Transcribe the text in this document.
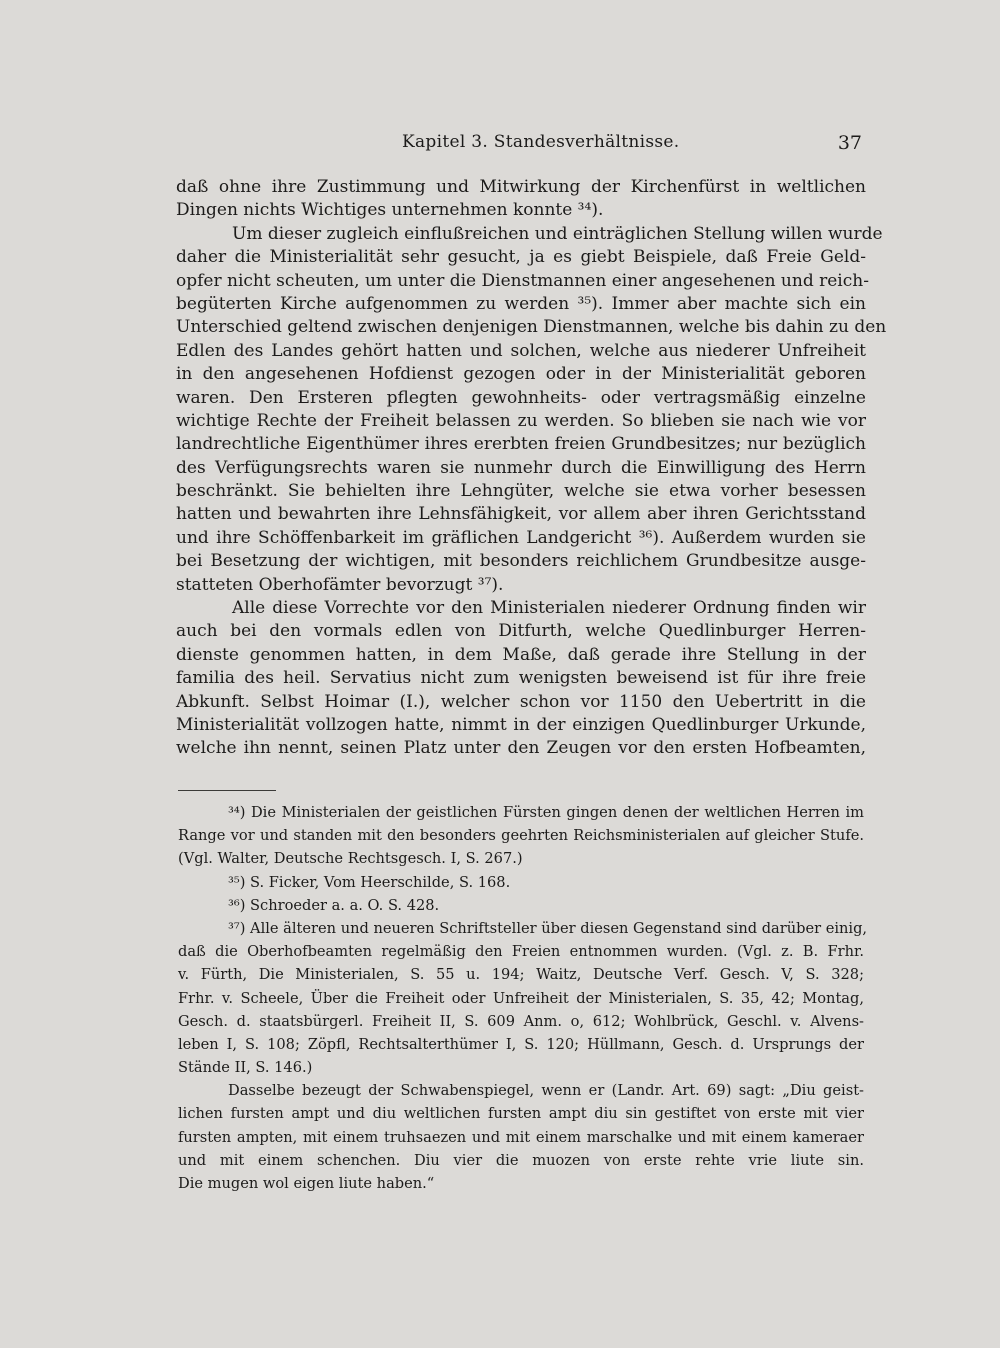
Kapitel 3. Standesverhältnisse.	37
daß ohne ihre Zustimmung und Mitwirkung der Kirchenfürst in weltlichen
Dingen nichts Wichtiges unternehmen konnte ³⁴).
Um dieser zugleich einflußreichen und einträglichen Stellung willen wurde
daher die Ministerialität sehr gesucht, ja es giebt Beispiele, daß Freie Geld-
opfer nicht scheuten, um unter die Dienstmannen einer angesehenen und reich-
begüterten Kirche aufgenommen zu werden ³⁵). Immer aber machte sich ein
Unterschied geltend zwischen denjenigen Dienstmannen, welche bis dahin zu den
Edlen des Landes gehört hatten und solchen, welche aus niederer Unfreiheit
in den angesehenen Hofdienst gezogen oder in der Ministerialität geboren
waren. Den Ersteren pflegten gewohnheits- oder vertragsmäßig einzelne
wichtige Rechte der Freiheit belassen zu werden. So blieben sie nach wie vor
landrechtliche Eigenthümer ihres ererbten freien Grundbesitzes; nur bezüglich
des Verfügungsrechts waren sie nunmehr durch die Einwilligung des Herrn
beschränkt. Sie behielten ihre Lehngüter, welche sie etwa vorher besessen
hatten und bewahrten ihre Lehnsfähigkeit, vor allem aber ihren Gerichtsstand
und ihre Schöffenbarkeit im gräflichen Landgericht ³⁶). Außerdem wurden sie
bei Besetzung der wichtigen, mit besonders reichlichem Grundbesitze ausge-
statteten Oberhofämter bevorzugt ³⁷).
Alle diese Vorrechte vor den Ministerialen niederer Ordnung finden wir
auch bei den vormals edlen von Ditfurth, welche Quedlinburger Herren-
dienste genommen hatten, in dem Maße, daß gerade ihre Stellung in der
familia des heil. Servatius nicht zum wenigsten beweisend ist für ihre freie
Abkunft. Selbst Hoimar (I.), welcher schon vor 1150 den Uebertritt in die
Ministerialität vollzogen hatte, nimmt in der einzigen Quedlinburger Urkunde,
welche ihn nennt, seinen Platz unter den Zeugen vor den ersten Hofbeamten,
³⁴) Die Ministerialen der geistlichen Fürsten gingen denen der weltlichen Herren im
Range vor und standen mit den besonders geehrten Reichsministerialen auf gleicher Stufe.
(Vgl. Walter, Deutsche Rechtsgesch. I, S. 267.)
³⁵) S. Ficker, Vom Heerschilde, S. 168.
³⁶) Schroeder a. a. O. S. 428.
³⁷) Alle älteren und neueren Schriftsteller über diesen Gegenstand sind darüber einig,
daß die Oberhofbeamten regelmäßig den Freien entnommen wurden. (Vgl. z. B. Frhr.
v. Fürth, Die Ministerialen, S. 55 u. 194; Waitz, Deutsche Verf. Gesch. V, S. 328;
Frhr. v. Scheele, Über die Freiheit oder Unfreiheit der Ministerialen, S. 35, 42; Montag,
Gesch. d. staatsbürgerl. Freiheit II, S. 609 Anm. o, 612; Wohlbrück, Geschl. v. Alvens-
leben I, S. 108; Zöpfl, Rechtsalterthümer I, S. 120; Hüllmann, Gesch. d. Ursprungs der
Stände II, S. 146.)
Dasselbe bezeugt der Schwabenspiegel, wenn er (Landr. Art. 69) sagt: „Diu geist-
lichen fursten ampt und diu weltlichen fursten ampt diu sin gestiftet von erste mit vier
fursten ampten, mit einem truhsaezen und mit einem marschalke und mit einem kameraer
und mit einem schenchen. Diu vier die muozen von erste rehte vrie liute sin.
Die mugen wol eigen liute haben.“
